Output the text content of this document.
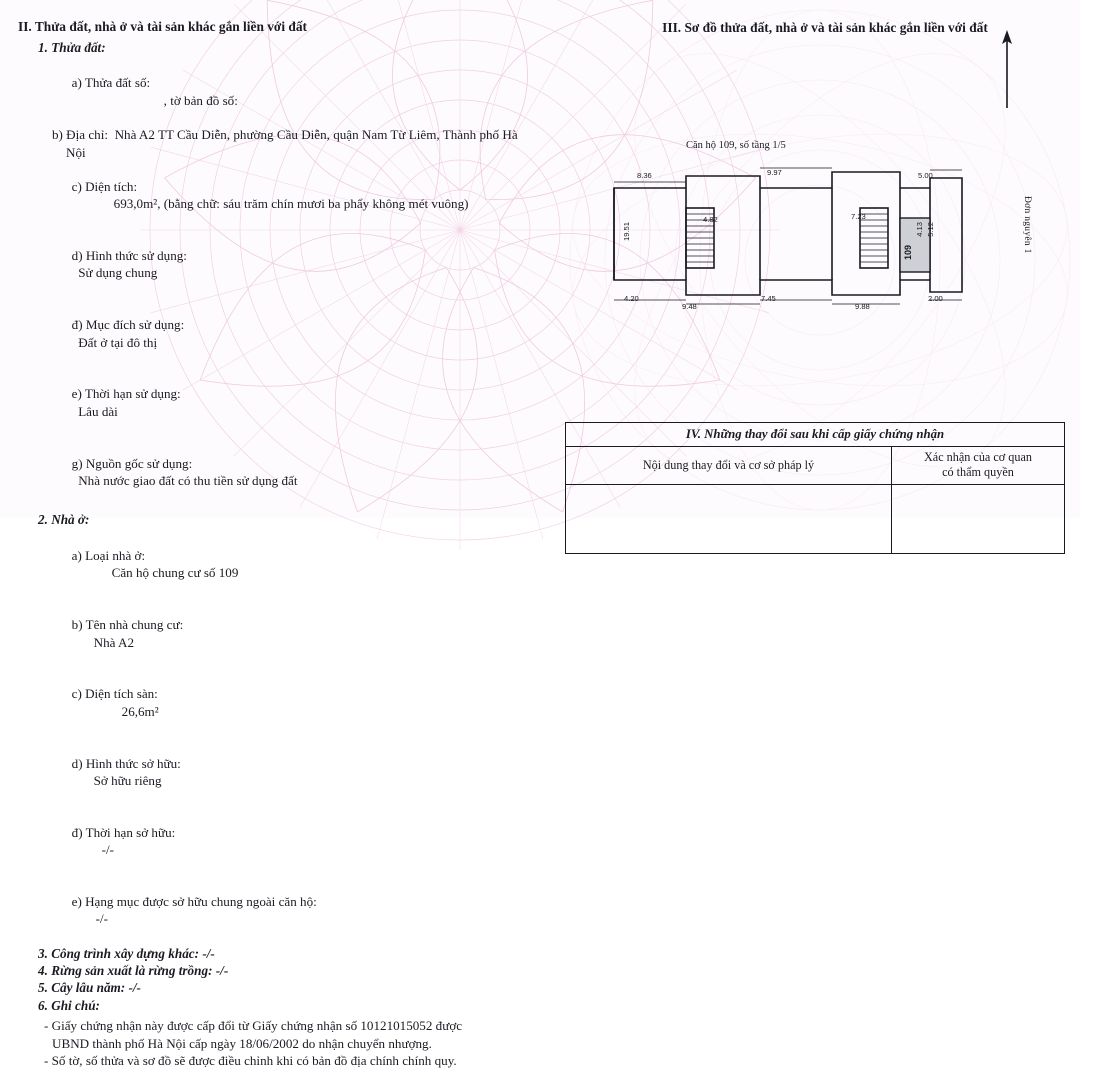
II. Thửa đất, nhà ở và tài sản khác gắn liền với đất
1. Thửa đất:

a) Thửa đất số:
, tờ bản đồ số:

b) Địa chỉ: Nhà A2 TT Cầu Diễn, phường Cầu Diễn, quận Nam Từ Liêm, Thành phố Hà
Nội

c) Diện tích:
693,0m², (bằng chữ: sáu trăm chín mươi ba phẩy không mét vuông)

d) Hình thức sử dụng:
Sử dụng chung

đ) Mục đích sử dụng:
Đất ở tại đô thị

e) Thời hạn sử dụng:
Lâu dài

g) Nguồn gốc sử dụng:
Nhà nước giao đất có thu tiền sử dụng đất

2. Nhà ở:

a) Loại nhà ở:
Căn hộ chung cư số 109

b) Tên nhà chung cư:
Nhà A2

c) Diện tích sàn:
26,6m²

d) Hình thức sở hữu:
Sở hữu riêng

đ) Thời hạn sở hữu:
-/-

e) Hạng mục được sở hữu chung ngoài căn hộ:
-/-

3. Công trình xây dựng khác: -/-
4. Rừng sản xuất là rừng trồng: -/-
5. Cây lâu năm: -/-
6. Ghi chú:
- Giấy chứng nhận này được cấp đổi từ Giấy chứng nhận số 10121015052 được
UBND thành phố Hà Nội cấp ngày 18/06/2002 do nhận chuyển nhượng.
- Số tờ, số thửa và sơ đồ sẽ được điều chỉnh khi có bản đồ địa chính chính quy.
III. Sơ đồ thửa đất, nhà ở và tài sản khác gắn liền với đất
Căn hộ 109, số tầng 1/5
Đơn nguyên 1
8.36	9.97	5.00
4.82	7.23
19.51	4.13 5.12
4.20
9.48
7.45
9.88
2.00
109
IV. Những thay đổi sau khi cấp giấy chứng nhận	
Nội dung thay đổi và cơ sở pháp lý	Xác nhận của cơ quan
có thẩm quyền
